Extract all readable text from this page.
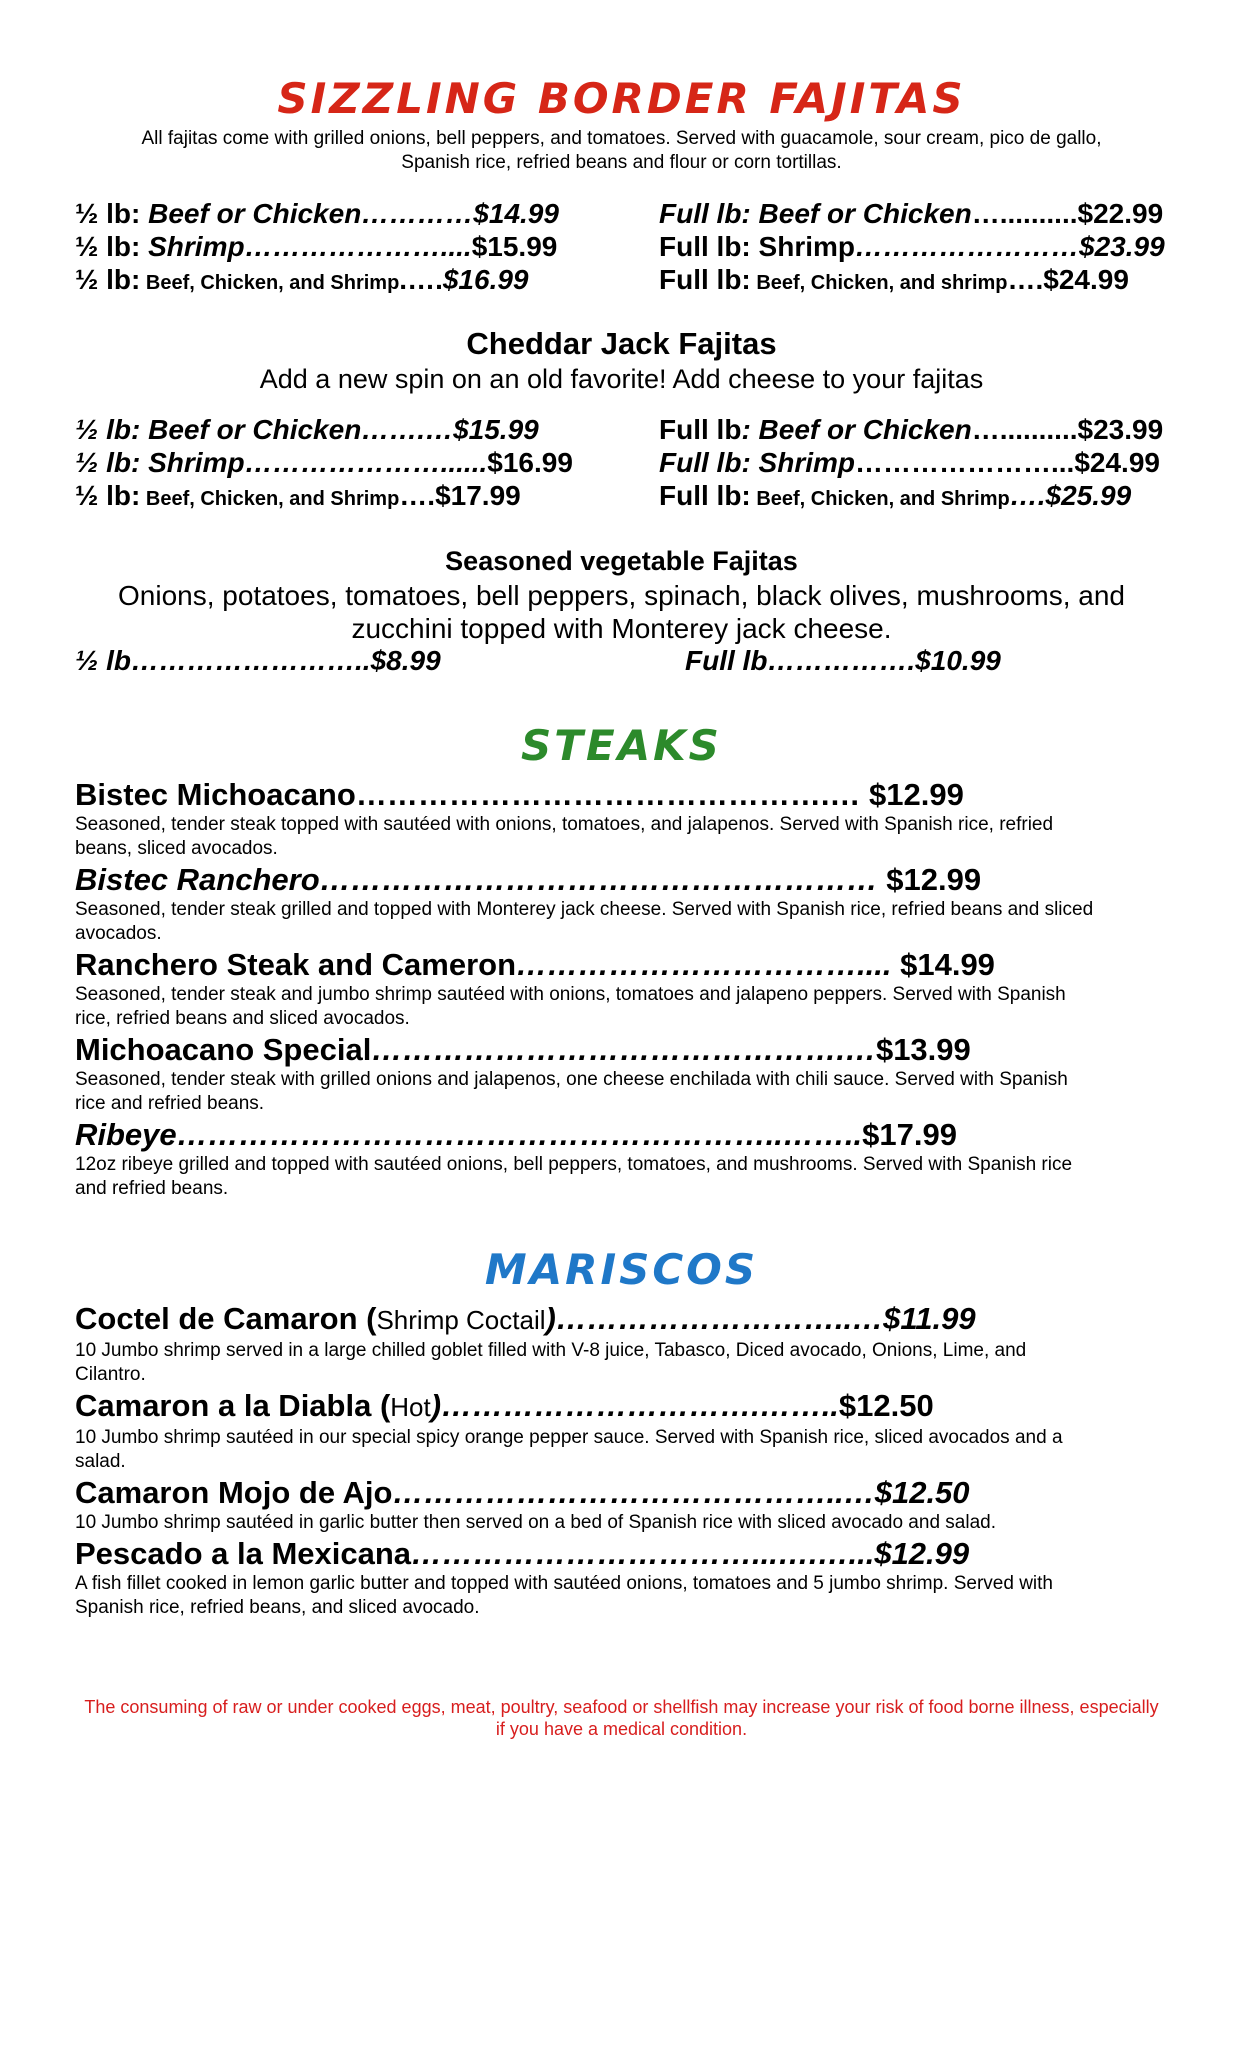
SIZZLING BORDER FAJITAS

All fajitas come with grilled onions, bell peppers, and tomatoes. Served with guacamole, sour cream, pico de gallo,
Spanish rice, refried beans and flour or corn tortillas.

½ lb: Beef or Chicken…………$14.99
½ lb: Shrimp…………………....$15.99
½ lb: Beef, Chicken, and Shrimp.….$16.99
Full lb: Beef or Chicken…..........$22.99
Full lb: Shrimp……………………$23.99
Full lb: Beef, Chicken, and shrimp….$24.99
Cheddar Jack Fajitas

Add a new spin on an old favorite! Add cheese to your fajitas

½ lb: Beef or Chicken…….…$15.99
½ lb: Shrimp…………………......$16.99
½ lb: Beef, Chicken, and Shrimp….$17.99
Full lb: Beef or Chicken…..........$23.99
Full lb: Shrimp…………………...$24.99
Full lb: Beef, Chicken, and Shrimp….$25.99
Seasoned vegetable Fajitas

Onions, potatoes, tomatoes, bell peppers, spinach, black olives, mushrooms, and
zucchini topped with Monterey jack cheese.

½ lb……………………..$8.99	Full lb…………….$10.99
STEAKS
Bistec Michoacano……………………………………….… $12.99
Seasoned, tender steak topped with sautéed with onions, tomatoes, and jalapenos. Served with Spanish rice, refried
beans, sliced avocados.
Bistec Ranchero……………………………………………… $12.99
Seasoned, tender steak grilled and topped with Monterey jack cheese. Served with Spanish rice, refried beans and sliced
avocados.
Ranchero Steak and Cameron…………………………….... $14.99
Seasoned, tender steak and jumbo shrimp sautéed with onions, tomatoes and jalapeno peppers. Served with Spanish
rice, refried beans and sliced avocados.
Michoacano Special……………………………………….…$13.99
Seasoned, tender steak with grilled onions and jalapenos, one cheese enchilada with chili sauce. Served with Spanish
rice and refried beans.
Ribeye…………………………………………………..……..$17.99
12oz ribeye grilled and topped with sautéed onions, bell peppers, tomatoes, and mushrooms. Served with Spanish rice
and refried beans.
MARISCOS
Coctel de Camaron (Shrimp Coctail)………………………..…$11.99
10 Jumbo shrimp served in a large chilled goblet filled with V-8 juice, Tabasco, Diced avocado, Onions, Lime, and
Cilantro.
Camaron a la Diabla (Hot)………………………….……..$12.50
10 Jumbo shrimp sautéed in our special spicy orange pepper sauce. Served with Spanish rice, sliced avocados and a
salad.
Camaron Mojo de Ajo……………………………………..…$12.50
10 Jumbo shrimp sautéed in garlic butter then served on a bed of Spanish rice with sliced avocado and salad.
Pescado a la Mexicana……………………………...….…...$12.99
A fish fillet cooked in lemon garlic butter and topped with sautéed onions, tomatoes and 5 jumbo shrimp. Served with
Spanish rice, refried beans, and sliced avocado.
The consuming of raw or under cooked eggs, meat, poultry, seafood or shellfish may increase your risk of food borne illness, especially
if you have a medical condition.
